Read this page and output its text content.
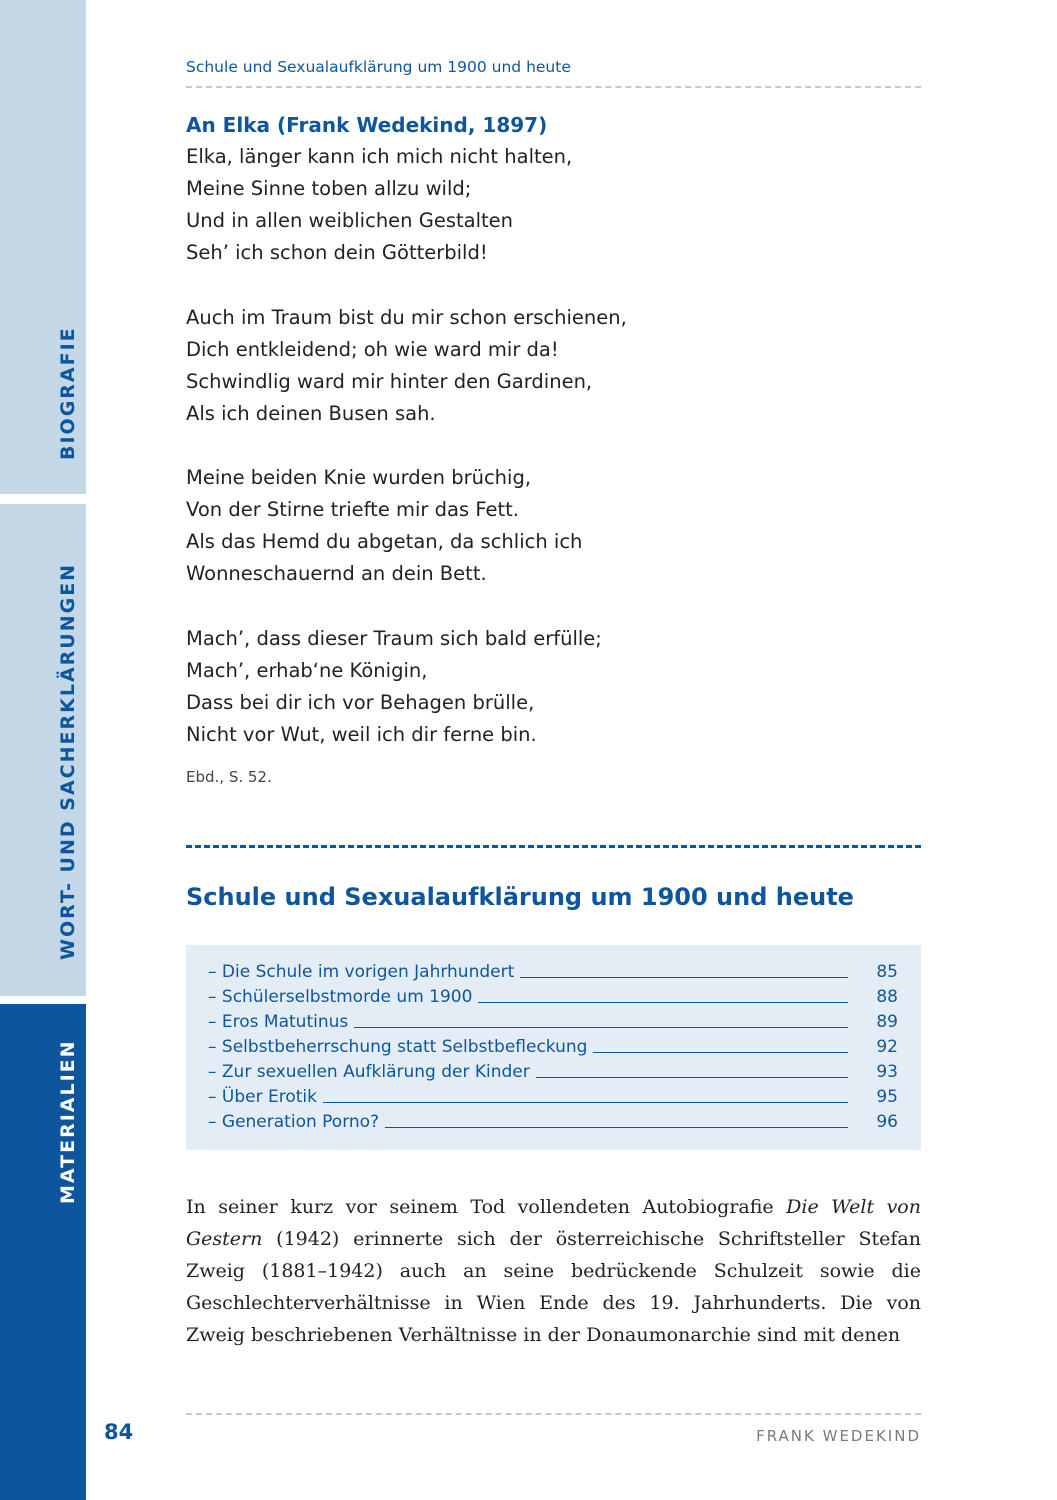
BIOGRAFIE
WORT- UND SACHERKLÄRUNGEN
MATERIALIEN
Schule und Sexualaufklärung um 1900 und heute
An Elka (Frank Wedekind, 1897)
Elka, länger kann ich mich nicht halten,
Meine Sinne toben allzu wild;
Und in allen weiblichen Gestalten
Seh’ ich schon dein Götterbild!
Auch im Traum bist du mir schon erschienen,
Dich entkleidend; oh wie ward mir da!
Schwindlig ward mir hinter den Gardinen,
Als ich deinen Busen sah.
Meine beiden Knie wurden brüchig,
Von der Stirne triefte mir das Fett.
Als das Hemd du abgetan, da schlich ich
Wonneschauernd an dein Bett.
Mach’, dass dieser Traum sich bald erfülle;
Mach’, erhab‘ne Königin,
Dass bei dir ich vor Behagen brülle,
Nicht vor Wut, weil ich dir ferne bin.
Ebd., S. 52.
Schule und Sexualaufklärung um 1900 und heute
– Die Schule im vorigen Jahrhundert	85
– Schülerselbstmorde um 1900	88
– Eros Matutinus	89
– Selbstbeherrschung statt Selbstbefleckung	92
– Zur sexuellen Aufklärung der Kinder	93
– Über Erotik	95
– Generation Porno?	96

In seiner kurz vor seinem Tod vollendeten Autobiografie Die Welt von Gestern (1942) erinnerte sich der österreichische Schriftsteller Stefan Zweig (1881–1942) auch an seine bedrückende Schulzeit sowie die Geschlechterverhältnisse in Wien Ende des 19. Jahrhunderts. Die von Zweig beschriebenen Verhältnisse in der Donaumonarchie sind mit denen

84	FRANK WEDEKIND
